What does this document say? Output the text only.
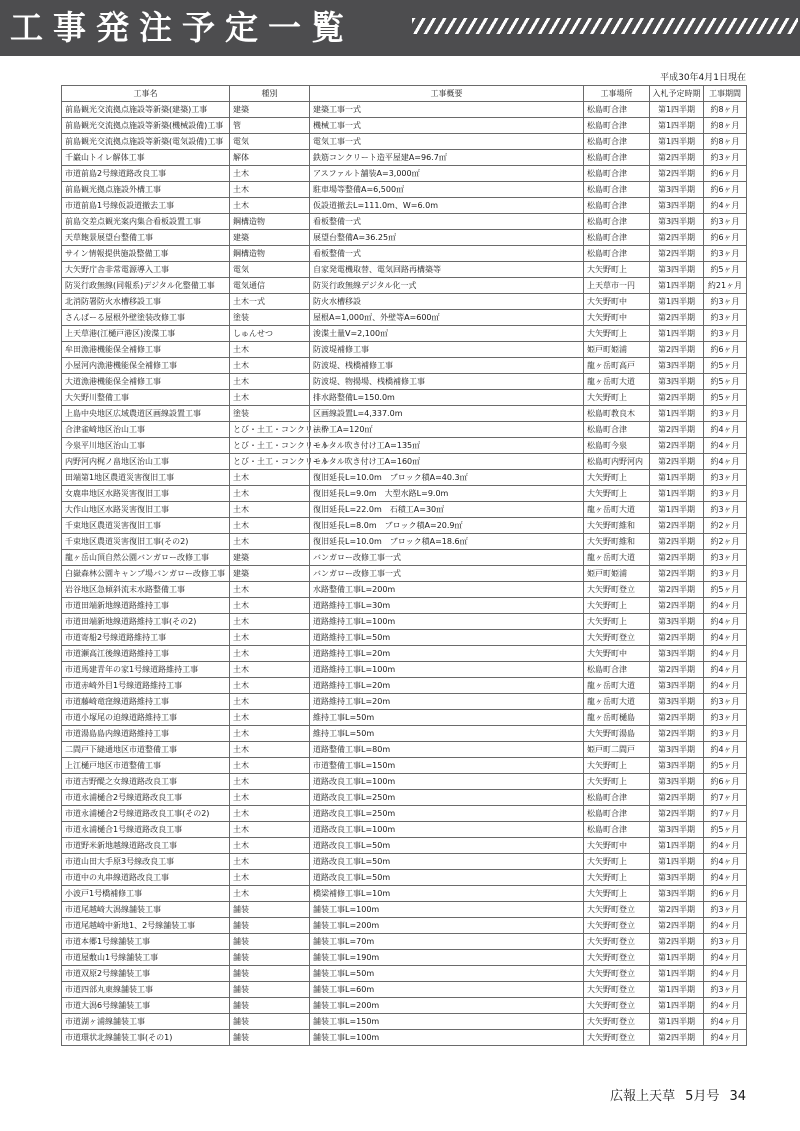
工事発注予定一覧
平成30年4月1日現在
工事名	種別	工事概要	工事場所	入札予定時期	工事期間
前島観光交流拠点施設等新築(建築)工事	建築	建築工事一式	松島町合津	第1四半期	約8ヶ月
前島観光交流拠点施設等新築(機械設備)工事	管	機械工事一式	松島町合津	第1四半期	約8ヶ月
前島観光交流拠点施設等新築(電気設備)工事	電気	電気工事一式	松島町合津	第1四半期	約8ヶ月
千巌山トイレ解体工事	解体	鉄筋コンクリート造平屋建A=96.7㎡	松島町合津	第2四半期	約3ヶ月
市道前島2号線道路改良工事	土木	アスファルト舗装A=3,000㎡	松島町合津	第2四半期	約6ヶ月
前島観光拠点施設外構工事	土木	駐車場等整備A=6,500㎡	松島町合津	第3四半期	約6ヶ月
市道前島1号線仮設道撤去工事	土木	仮設道撤去L=111.0m、W=6.0m	松島町合津	第3四半期	約4ヶ月
前島交差点観光案内集合看板設置工事	鋼構造物	看板整備一式	松島町合津	第3四半期	約3ヶ月
天草飽景展望台整備工事	建築	展望台整備A=36.25㎡	松島町合津	第2四半期	約6ヶ月
サイン情報提供施設整備工事	鋼構造物	看板整備一式	松島町合津	第2四半期	約3ヶ月
大矢野庁舎非常電源導入工事	電気	自家発電機取替、電気回路再構築等	大矢野町上	第3四半期	約5ヶ月
防災行政無線(同報系)デジタル化整備工事	電気通信	防災行政無線デジタル化一式	上天草市一円	第1四半期	約21ヶ月
北消防署防火水槽移設工事	土木一式	防火水槽移設	大矢野町中	第1四半期	約3ヶ月
さんぱーる屋根外壁塗装改修工事	塗装	屋根A=1,000㎡、外壁等A=600㎡	大矢野町中	第2四半期	約3ヶ月
上天草港(江樋戸港区)浚渫工事	しゅんせつ	浚渫土量V=2,100㎥	大矢野町上	第1四半期	約3ヶ月
牟田漁港機能保全補修工事	土木	防波堤補修工事	姫戸町姫浦	第2四半期	約6ヶ月
小屋河内漁港機能保全補修工事	土木	防波堤、桟橋補修工事	龍ヶ岳町高戸	第3四半期	約5ヶ月
大道漁港機能保全補修工事	土木	防波堤、物揚場、桟橋補修工事	龍ヶ岳町大道	第3四半期	約5ヶ月
大矢野川整備工事	土木	排水路整備L=150.0m	大矢野町上	第2四半期	約5ヶ月
上島中央地区広域農道区画線設置工事	塗装	区画線設置L=4,337.0m	松島町教良木	第1四半期	約3ヶ月
合津雀崎地区治山工事	とび・土工・コンクリート	法枠工A=120㎡	松島町合津	第2四半期	約4ヶ月
今泉平川地区治山工事	とび・土工・コンクリート	モルタル吹き付け工A=135㎡	松島町今泉	第2四半期	約4ヶ月
内野河内梶ノ畠地区治山工事	とび・土工・コンクリート	モルタル吹き付け工A=160㎡	松島町内野河内	第2四半期	約4ヶ月
田端第1地区農道災害復旧工事	土木	復旧延長L=10.0m　ブロック積A=40.3㎡	大矢野町上	第1四半期	約3ヶ月
女鹿串地区水路災害復旧工事	土木	復旧延長L=9.0m　大型水路L=9.0m	大矢野町上	第1四半期	約3ヶ月
大作山地区水路災害復旧工事	土木	復旧延長L=22.0m　石積工A=30㎡	龍ヶ岳町大道	第1四半期	約3ヶ月
千束地区農道災害復旧工事	土木	復旧延長L=8.0m　ブロック積A=20.9㎡	大矢野町維和	第2四半期	約2ヶ月
千束地区農道災害復旧工事(その2)	土木	復旧延長L=10.0m　ブロック積A=18.6㎡	大矢野町維和	第2四半期	約2ヶ月
龍ヶ岳山頂自然公園バンガロー改修工事	建築	バンガロー改修工事一式	龍ヶ岳町大道	第2四半期	約3ヶ月
白嶽森林公園キャンプ場バンガロー改修工事	建築	バンガロー改修工事一式	姫戸町姫浦	第2四半期	約3ヶ月
岩谷地区急傾斜流末水路整備工事	土木	水路整備工事L=200m	大矢野町登立	第2四半期	約5ヶ月
市道田端新地線道路維持工事	土木	道路維持工事L=30m	大矢野町上	第2四半期	約4ヶ月
市道田端新地線道路維持工事(その2)	土木	道路維持工事L=100m	大矢野町上	第3四半期	約4ヶ月
市道寄船2号線道路維持工事	土木	道路維持工事L=50m	大矢野町登立	第2四半期	約4ヶ月
市道瀬高江後線道路維持工事	土木	道路維持工事L=20m	大矢野町中	第3四半期	約4ヶ月
市道馬建青年の家1号線道路維持工事	土木	道路維持工事L=100m	松島町合津	第2四半期	約4ヶ月
市道赤崎外目1号線道路維持工事	土木	道路維持工事L=20m	龍ヶ岳町大道	第3四半期	約4ヶ月
市道藤崎竜窪線道路維持工事	土木	道路維持工事L=20m	龍ヶ岳町大道	第3四半期	約3ヶ月
市道小塚尾の迫線道路維持工事	土木	維持工事L=50m	龍ヶ岳町樋島	第2四半期	約3ヶ月
市道湯島島内線道路維持工事	土木	維持工事L=50m	大矢野町湯島	第2四半期	約3ヶ月
二間戸下縫通地区市道整備工事	土木	道路整備工事L=80m	姫戸町二間戸	第3四半期	約4ヶ月
上江樋戸地区市道整備工事	土木	市道整備工事L=150m	大矢野町上	第3四半期	約5ヶ月
市道吉野醍之女線道路改良工事	土木	道路改良工事L=100m	大矢野町上	第3四半期	約6ヶ月
市道永浦樋合2号線道路改良工事	土木	道路改良工事L=250m	松島町合津	第2四半期	約7ヶ月
市道永浦樋合2号線道路改良工事(その2)	土木	道路改良工事L=250m	松島町合津	第2四半期	約7ヶ月
市道永浦樋合1号線道路改良工事	土木	道路改良工事L=100m	松島町合津	第3四半期	約5ヶ月
市道野米新地越線道路改良工事	土木	道路改良工事L=50m	大矢野町中	第1四半期	約4ヶ月
市道山田大手原3号線改良工事	土木	道路改良工事L=50m	大矢野町上	第1四半期	約4ヶ月
市道中の丸串線道路改良工事	土木	道路改良工事L=50m	大矢野町上	第3四半期	約4ヶ月
小波戸1号橋補修工事	土木	橋梁補修工事L=10m	大矢野町上	第3四半期	約6ヶ月
市道尾越崎大潟線舗装工事	舗装	舗装工事L=100m	大矢野町登立	第2四半期	約3ヶ月
市道尾越崎中新地1、2号線舗装工事	舗装	舗装工事L=200m	大矢野町登立	第2四半期	約4ヶ月
市道本郷1号線舗装工事	舗装	舗装工事L=70m	大矢野町登立	第2四半期	約3ヶ月
市道屋敷山1号線舗装工事	舗装	舗装工事L=190m	大矢野町登立	第1四半期	約4ヶ月
市道双原2号線舗装工事	舗装	舗装工事L=50m	大矢野町登立	第1四半期	約4ヶ月
市道四部丸東線舗装工事	舗装	舗装工事L=60m	大矢野町登立	第1四半期	約3ヶ月
市道大潟6号線舗装工事	舗装	舗装工事L=200m	大矢野町登立	第1四半期	約4ヶ月
市道湖ヶ浦線舗装工事	舗装	舗装工事L=150m	大矢野町登立	第1四半期	約4ヶ月
市道環状北線舗装工事(その1)	舗装	舗装工事L=100m	大矢野町登立	第2四半期	約4ヶ月
広報上天草 5月号 34
